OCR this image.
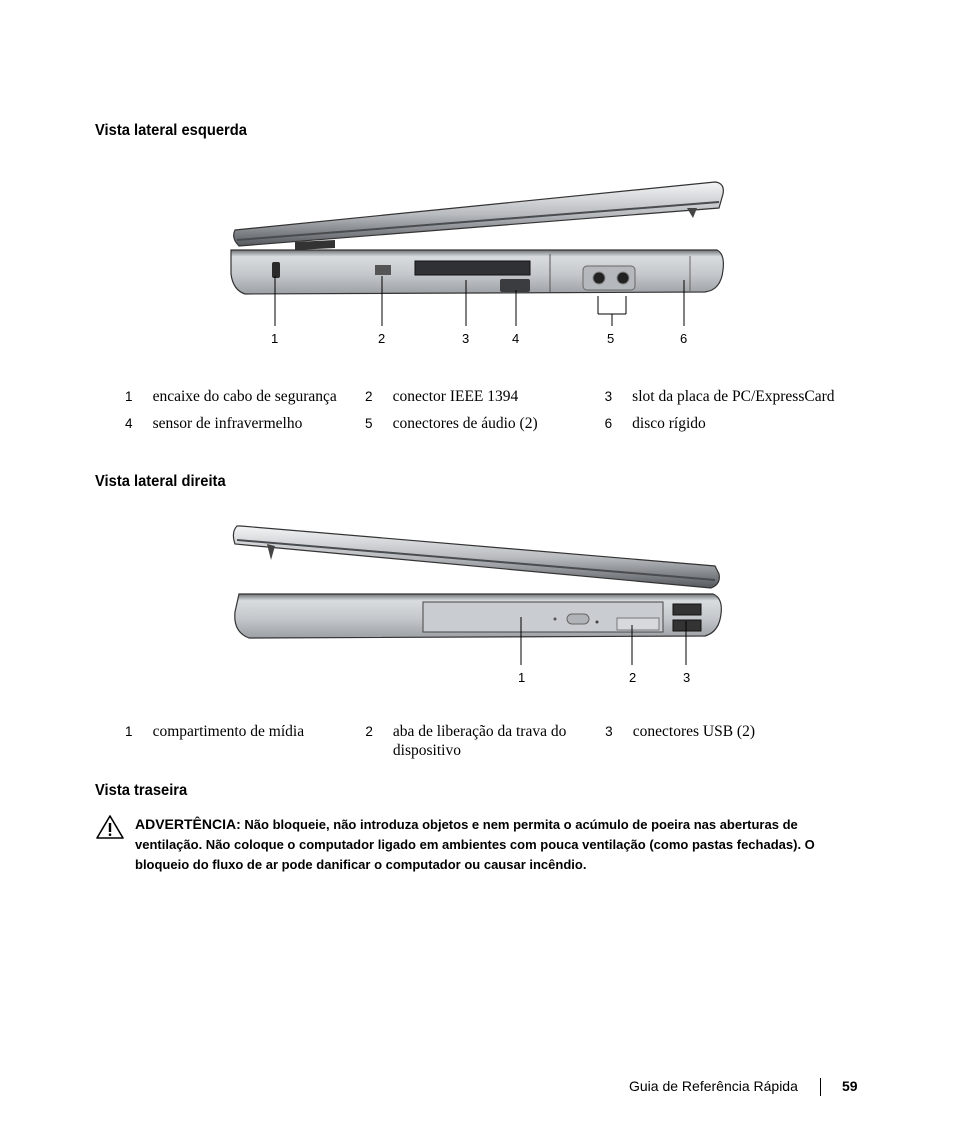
Vista lateral esquerda
1	2	3	4	5	6
1	encaixe do cabo de segurança	2	conector IEEE 1394	3	slot da placa de PC/ExpressCard
4	sensor de infravermelho	5	conectores de áudio (2)	6	disco rígido
Vista lateral direita
1	2	3
1	compartimento de mídia	2	aba de liberação da trava do dispositivo	3	conectores USB (2)
Vista traseira
ADVERTÊNCIA: Não bloqueie, não introduza objetos e nem permita o acúmulo de poeira nas aberturas de ventilação. Não coloque o computador ligado em ambientes com pouca ventilação (como pastas fechadas). O bloqueio do fluxo de ar pode danificar o computador ou causar incêndio.
Guia de Referência Rápida	59
